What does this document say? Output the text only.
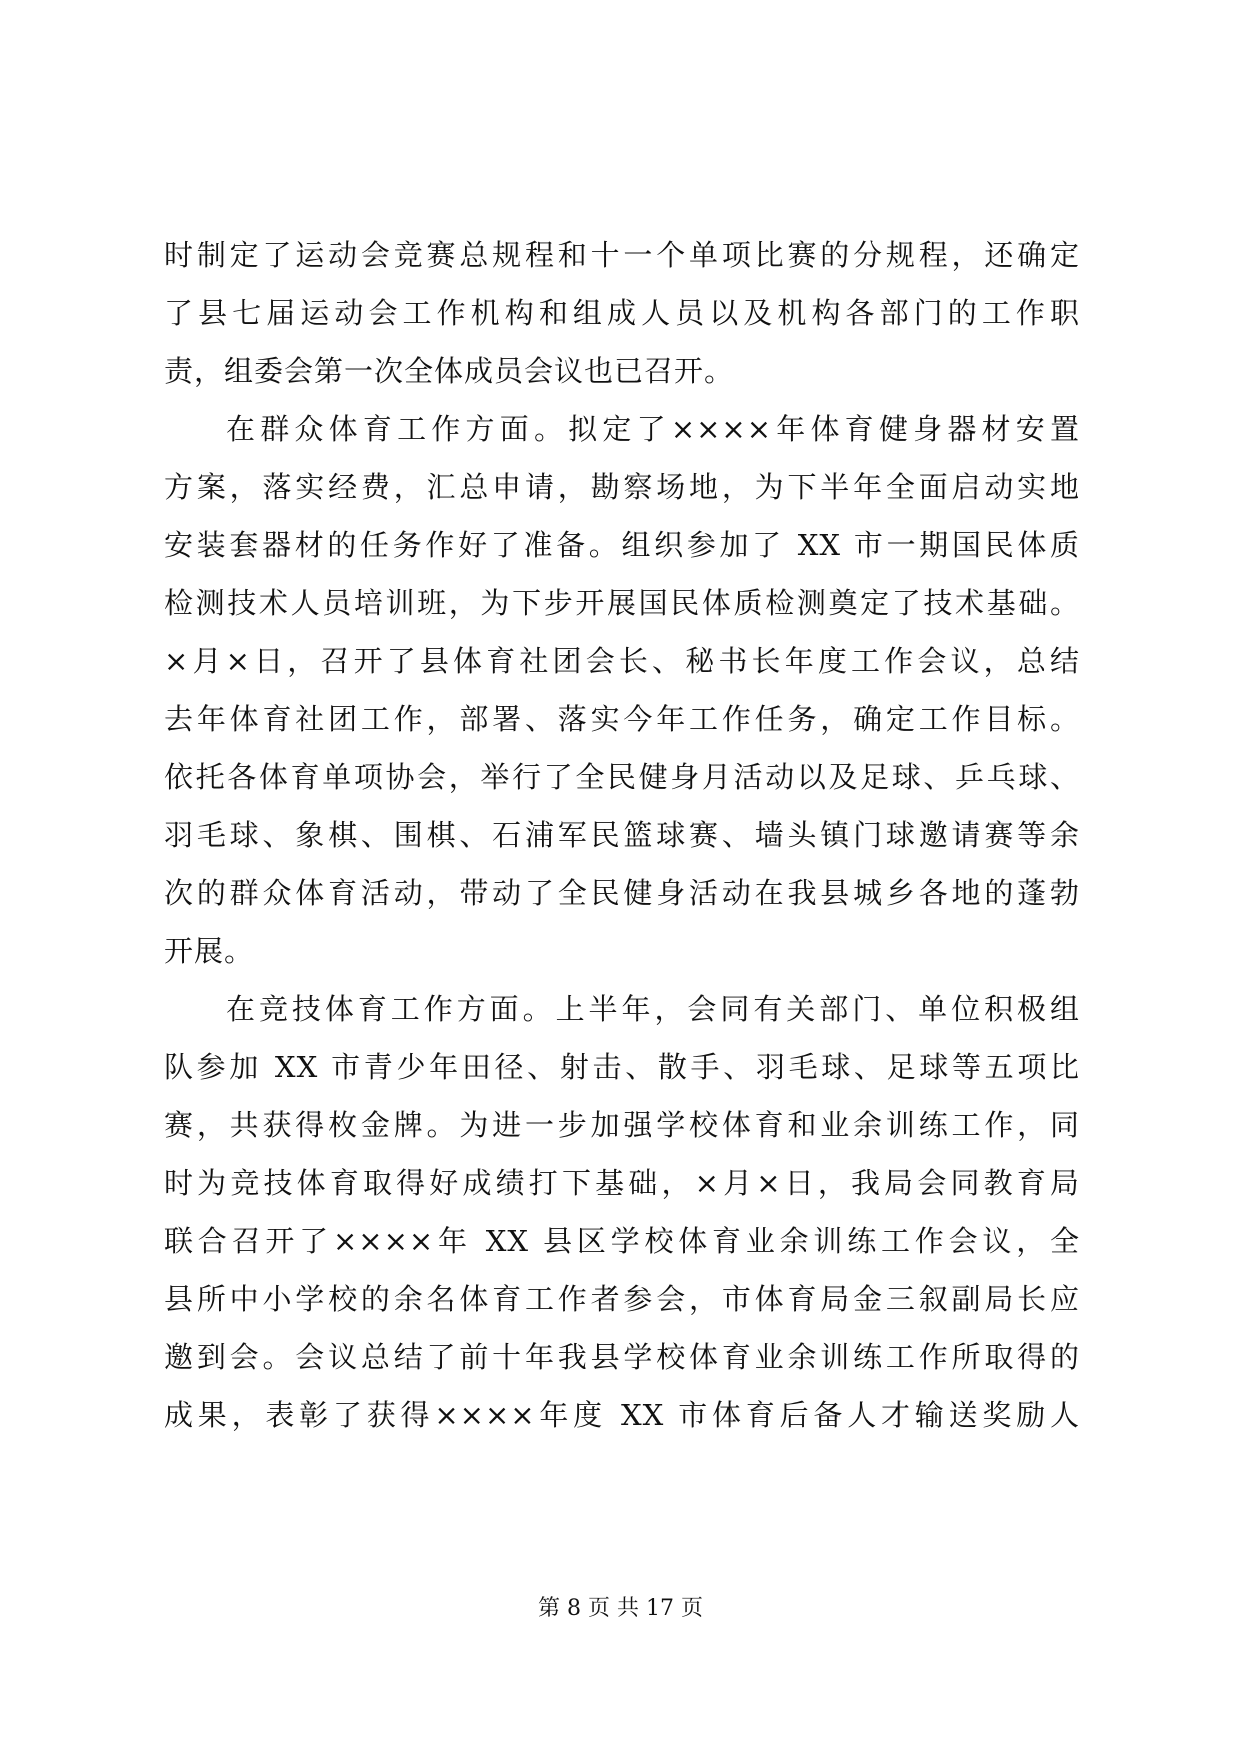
时制定了运动会竞赛总规程和十一个单项比赛的分规程，还确定
了县七届运动会工作机构和组成人员以及机构各部门的工作职
责，组委会第一次全体成员会议也已召开。
在群众体育工作方面。拟定了××××年体育健身器材安置
方案，落实经费，汇总申请，勘察场地，为下半年全面启动实地
安装套器材的任务作好了准备。组织参加了 XX 市一期国民体质
检测技术人员培训班，为下步开展国民体质检测奠定了技术基础。
×月×日，召开了县体育社团会长、秘书长年度工作会议，总结
去年体育社团工作，部署、落实今年工作任务，确定工作目标。
依托各体育单项协会，举行了全民健身月活动以及足球、乒乓球、
羽毛球、象棋、围棋、石浦军民篮球赛、墙头镇门球邀请赛等余
次的群众体育活动，带动了全民健身活动在我县城乡各地的蓬勃
开展。
在竞技体育工作方面。上半年，会同有关部门、单位积极组
队参加 XX 市青少年田径、射击、散手、羽毛球、足球等五项比
赛，共获得枚金牌。为进一步加强学校体育和业余训练工作，同
时为竞技体育取得好成绩打下基础，×月×日，我局会同教育局
联合召开了××××年 XX 县区学校体育业余训练工作会议，全
县所中小学校的余名体育工作者参会，市体育局金三叙副局长应
邀到会。会议总结了前十年我县学校体育业余训练工作所取得的
成果，表彰了获得××××年度 XX 市体育后备人才输送奖励人
第 8 页 共 17 页
